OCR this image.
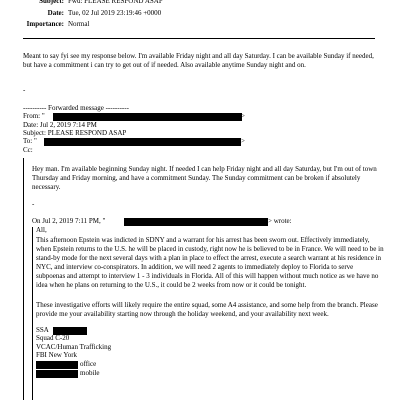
Subject: Fwd: PLEASE RESPOND ASAP
Date: Tue, 02 Jul 2019 23:19:46 +0000
Importance: Normal
Meant to say fyi see my response below. I'm available Friday night and all day Saturday. I can be available Sunday if needed, but have a commitment i can try to get out of if needed. Also available anytime Sunday night and on.
-
---------- Forwarded message ----------
From: "	>
Date: Jul 2, 2019 7:14 PM
Subject: PLEASE RESPOND ASAP
To: "	>
Cc:
Hey man. I'm available beginning Sunday night. If needed I can help Friday night and all day Saturday, but I'm out of town Thursday and Friday morning, and have a commitment Sunday. The Sunday commitment can be broken if absolutely necessary.
-
On Jul 2, 2019 7:11 PM, "	> wrote:
All,
This afternoon Epstein was indicted in SDNY and a warrant for his arrest has been sworn out. Effectively immediately, when Epstein returns to the U.S. he will be placed in custody, right now he is believed to be in France. We will need to be in stand-by mode for the next several days with a plan in place to effect the arrest, execute a search warrant at his residence in NYC, and interview co-conspirators. In addition, we will need 2 agents to immediately deploy to Florida to serve subpoenas and attempt to interview 1 - 3 individuals in Florida. All of this will happen without much notice as we have no idea when he plans on returning to the U.S., it could be 2 weeks from now or it could be tonight.
These investigative efforts will likely require the entire squad, some A4 assistance, and some help from the branch. Please provide me your availability starting now through the holiday weekend, and your availability next week.
SSA
Squad C-20
VCAC/Human Trafficking
FBI New York
office
mobile
